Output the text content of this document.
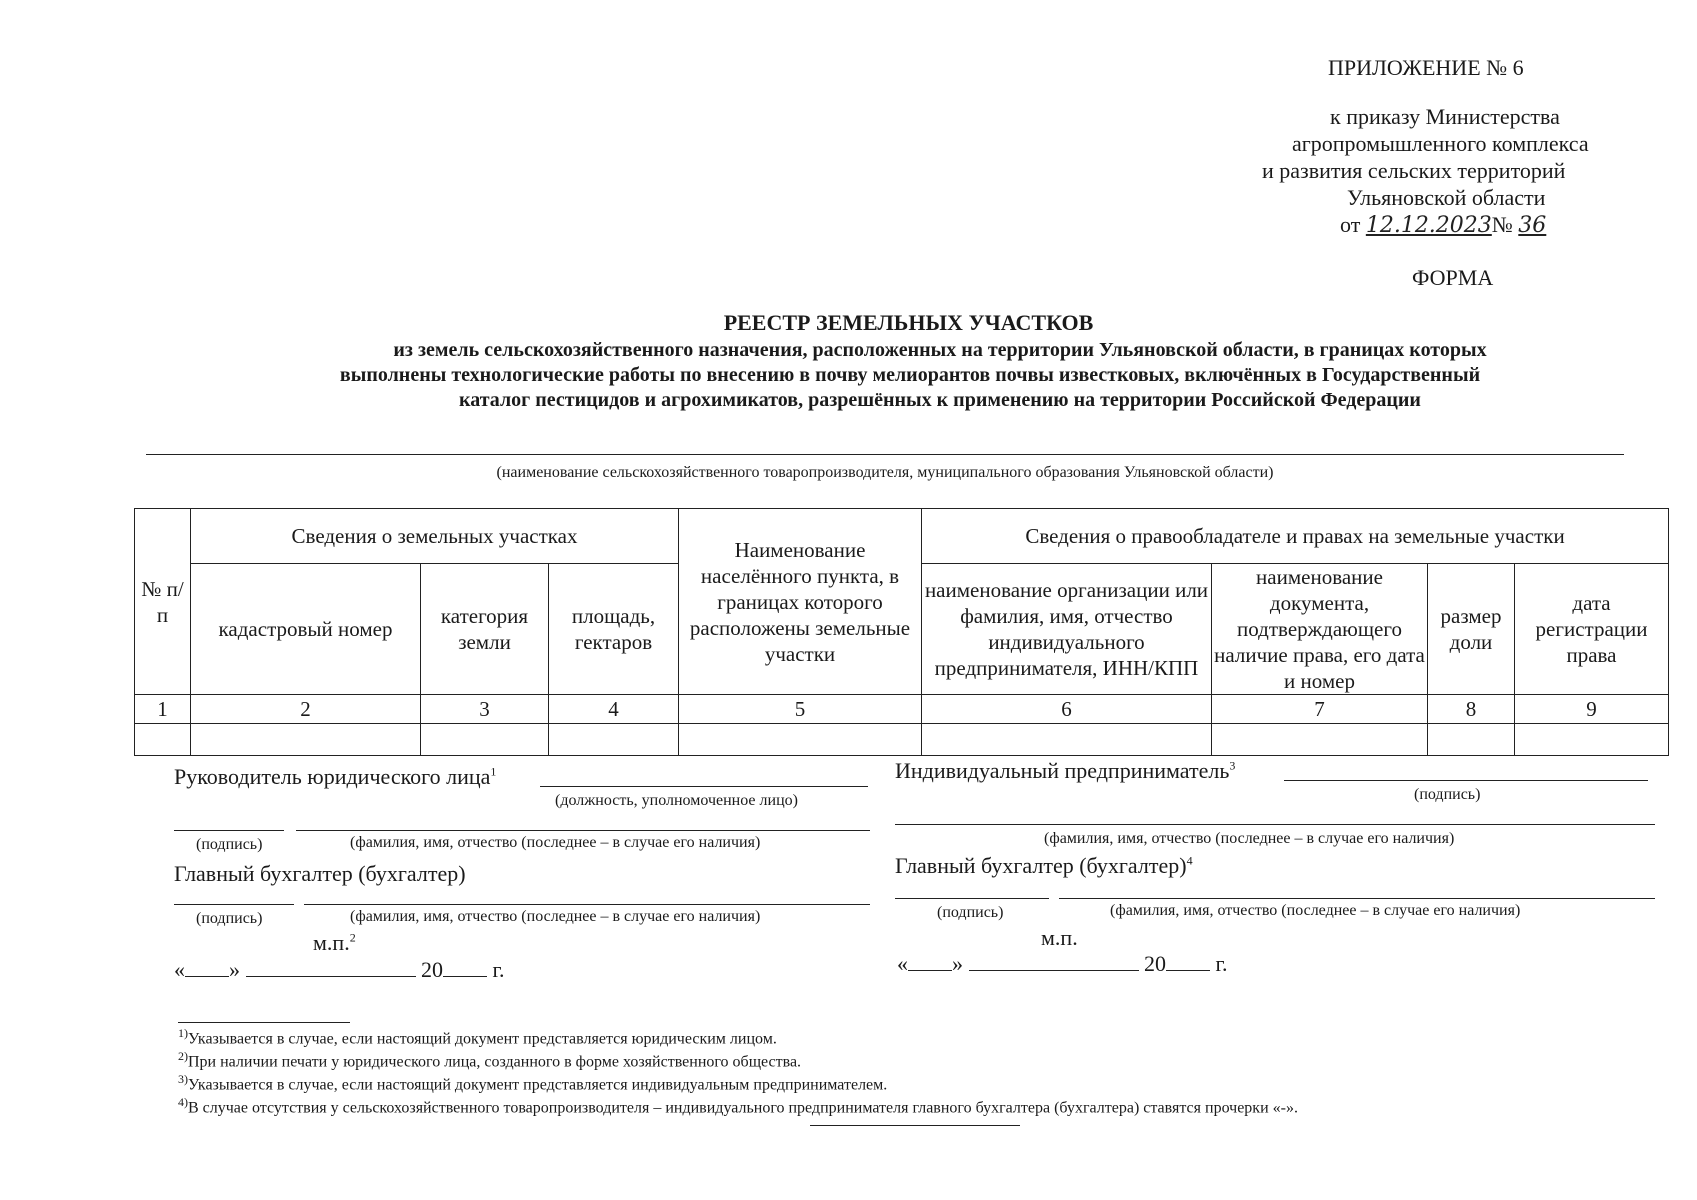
ПРИЛОЖЕНИЕ № 6
к приказу Министерства
агропромышленного комплекса
и развития сельских территорий
Ульяновской области
от 12.12.2023№ 36
ФОРМА
РЕЕСТР ЗЕМЕЛЬНЫХ УЧАСТКОВ
из земель сельскохозяйственного назначения, расположенных на территории Ульяновской области, в границах которых
выполнены технологические работы по внесению в почву мелиорантов почвы известковых, включённых в Государственный
каталог пестицидов и агрохимикатов, разрешённых к применению на территории Российской Федерации
(наименование сельскохозяйственного товаропроизводителя, муниципального образования Ульяновской области)
№ п/п	Сведения о земельных участках			Наименование населённого пункта, в границах которого расположены земельные участки	Сведения о правообладателе и правах на земельные участки			
	кадастровый номер	категория земли	площадь, гектаров		наименование организации или фамилия, имя, отчество индивидуального предпринимателя, ИНН/КПП	наименование документа, подтверждающего наличие права, его дата и номер	размер доли	дата регистрации права
1	2	3	4	5	6	7	8	9

Руководитель юридического лица$^1$
(должность, уполномоченное лицо)
(подпись)	(фамилия, имя, отчество (последнее – в случае его наличия)
Главный бухгалтер (бухгалтер)
(подпись)	(фамилия, имя, отчество (последнее – в случае его наличия)
м.п.$^2$
« »	20 г.
Индивидуальный предприниматель$^3$
(подпись)
(фамилия, имя, отчество (последнее – в случае его наличия)
Главный бухгалтер (бухгалтер)$^4$
(подпись)	(фамилия, имя, отчество (последнее – в случае его наличия)
м.п.
« »	20 г.
$^{1)}$Указывается в случае, если настоящий документ представляется юридическим лицом.
$^{2)}$При наличии печати у юридического лица, созданного в форме хозяйственного общества.
$^{3)}$Указывается в случае, если настоящий документ представляется индивидуальным предпринимателем.
$^{4)}$В случае отсутствия у сельскохозяйственного товаропроизводителя – индивидуального предпринимателя главного бухгалтера (бухгалтера) ставятся прочерки «-».
